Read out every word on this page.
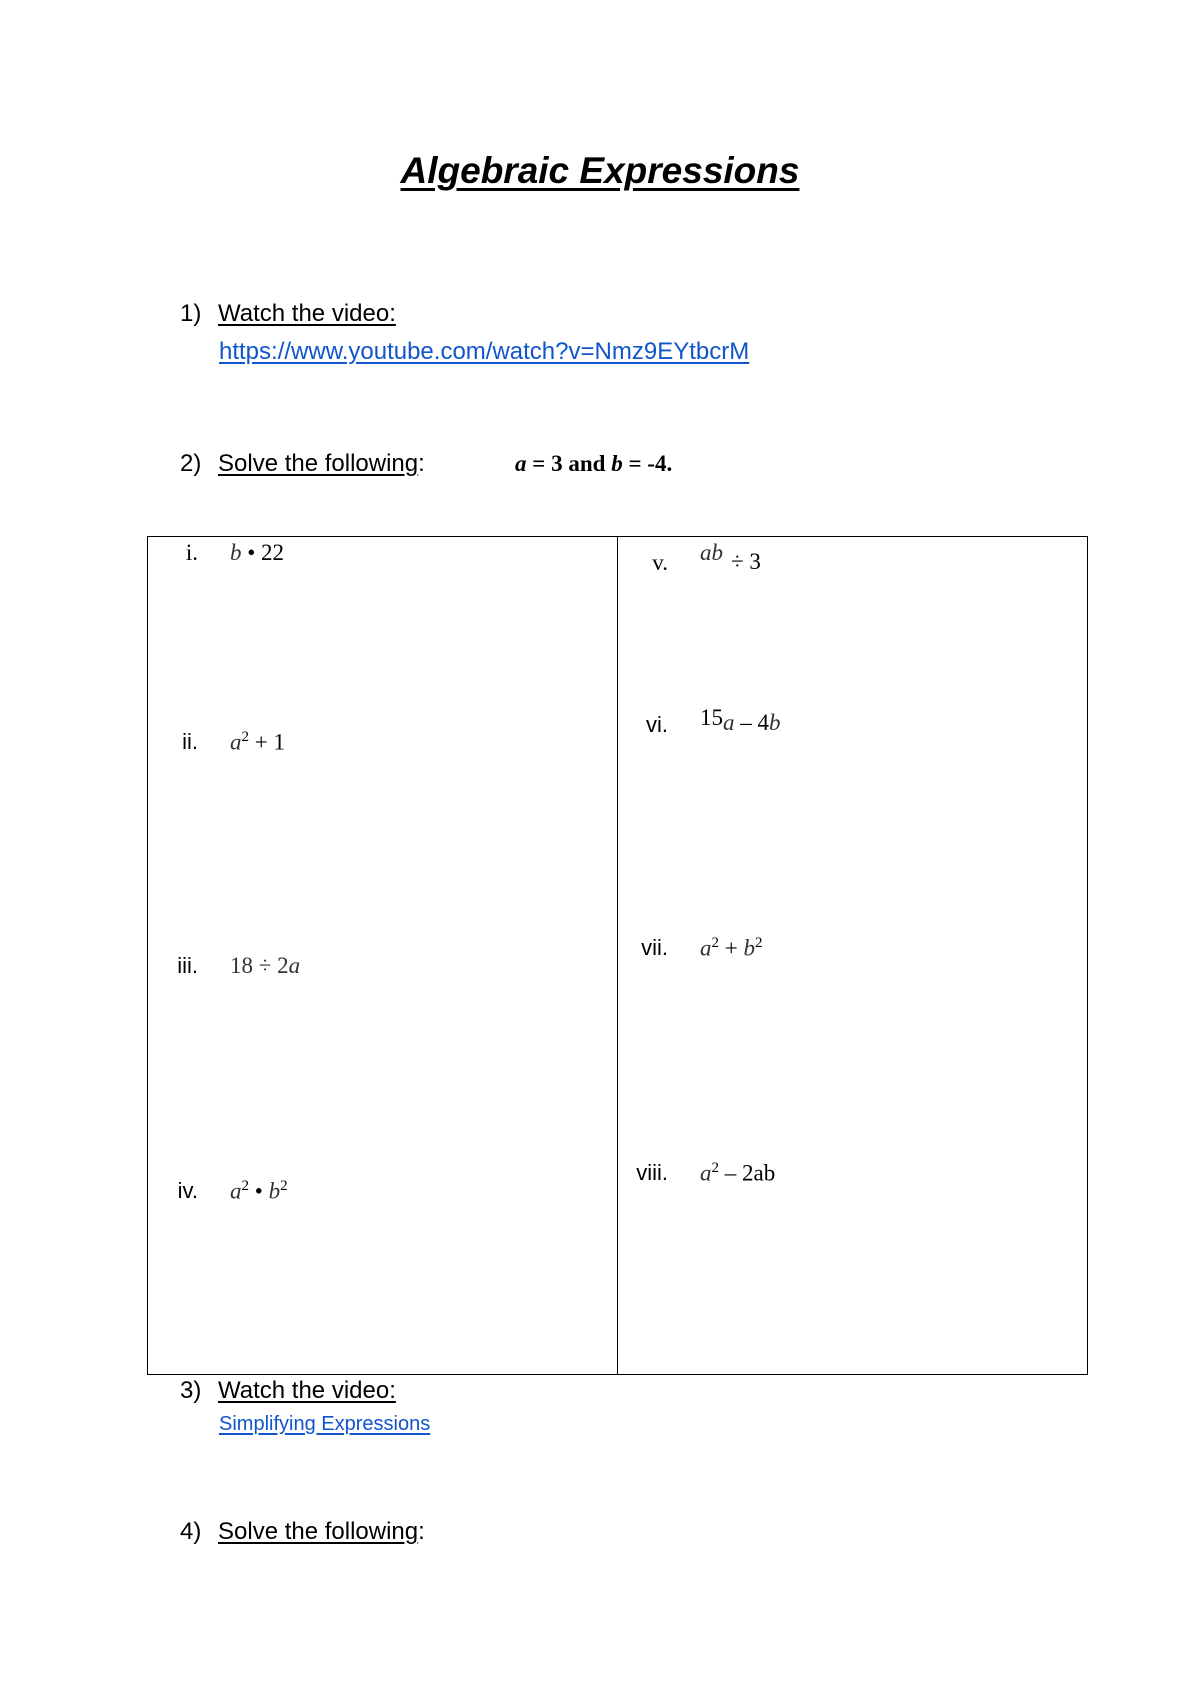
Algebraic Expressions
1) Watch the video:
https://www.youtube.com/watch?v=Nmz9EYtbcrM
2) Solve the following:	a = 3 and b = -4.
i. b • 22
ii. $a^2 + 1$
iii. 18 ÷ 2a
iv. $a^2$ • $b^2$
v. ab ÷ 3
vi. 15a – 4b
vii. $a^2 + b^2$
viii. $a^2 - 2ab$
3) Watch the video:
Simplifying Expressions
4) Solve the following:
